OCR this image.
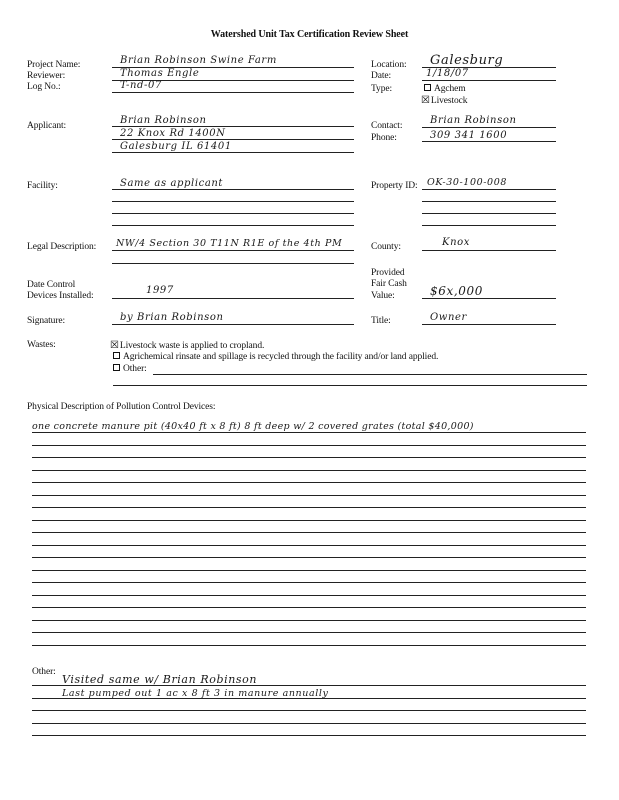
Watershed Unit Tax Certification Review Sheet
Project Name:	Brian Robinson Swine Farm
Reviewer:	Thomas Engle
Log No.:	T-nd-07
Applicant:	Brian Robinson
22 Knox Rd 1400N
Galesburg IL 61401
Facility:	Same as applicant
Legal Description: NW/4 Section 30 T11N R1E of the 4th PM
Date Control
Devices Installed:	1997
Signature:	by Brian Robinson
Location: Galesburg
Date:	1/18/07
Type:	Agchem
☒Livestock
Contact:	Brian Robinson
Phone:	309 341 1600
Property ID: OK-30-100-008
County:	Knox
Provided
Fair Cash
Value:	$6x,000
Title:	Owner
Wastes:	☒Livestock waste is applied to cropland.
Agrichemical rinsate and spillage is recycled through the facility and/or land applied.
Other:
Physical Description of Pollution Control Devices:
one concrete manure pit (40x40 ft x 8 ft) 8 ft deep w/ 2 covered grates (total $40,000)
Other:
Visited same w/ Brian Robinson
Last pumped out 1 ac x 8 ft 3 in manure annually
